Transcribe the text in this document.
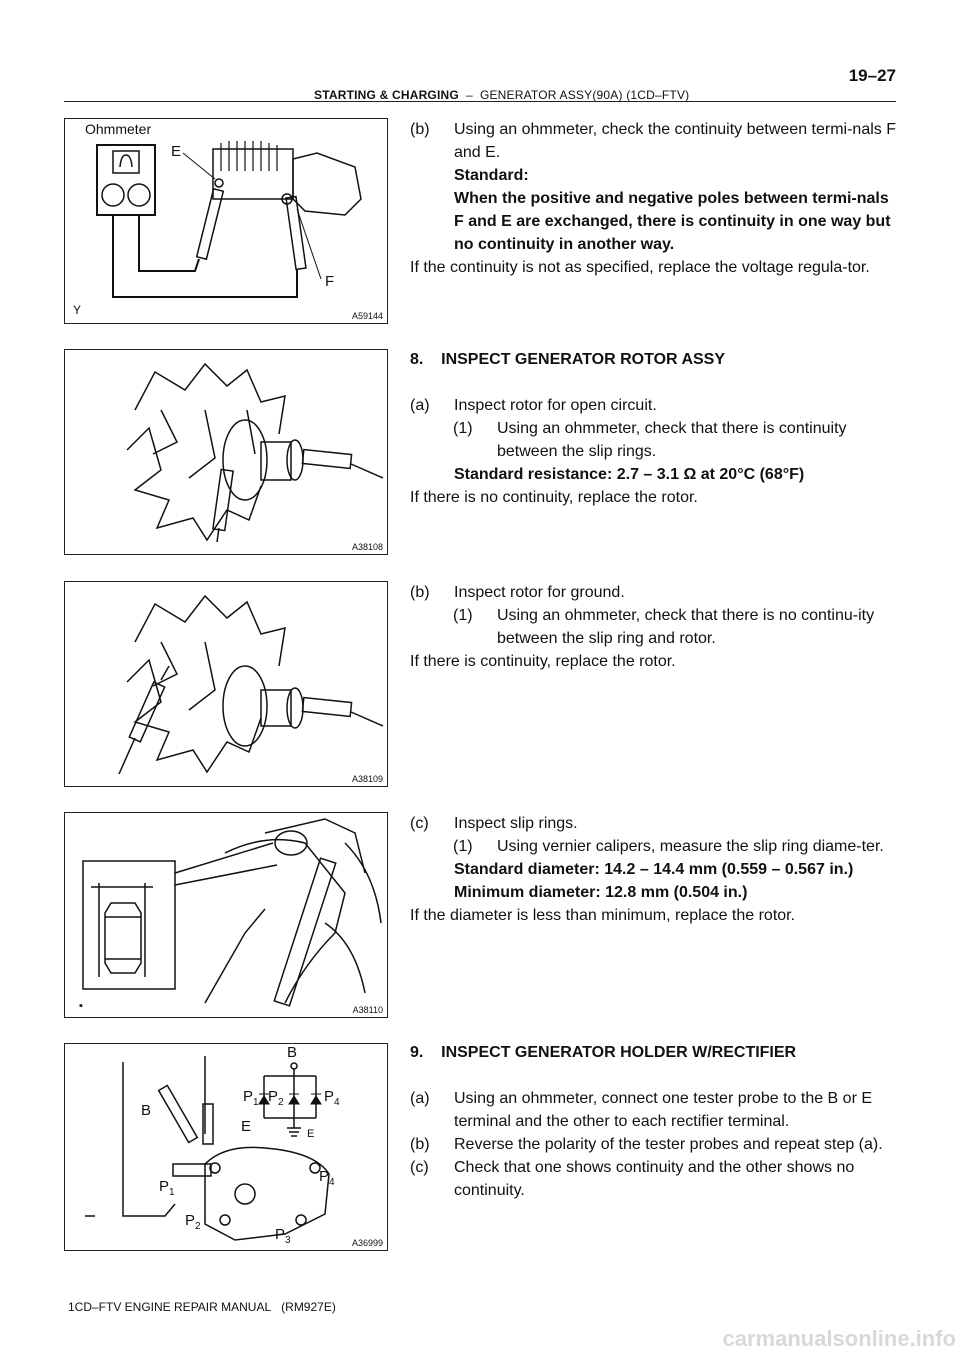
STARTING & CHARGING – GENERATOR ASSY(90A) (1CD–FTV)
19–27
Ohmmeter
E
F
Y	A59144
A38108
A38109
▪	A38110
B
$P_1$ $P_2$	$P_4$
E
B
E
$P_1$
$P_2$	$P_3$
$P_4$
A36999

(b) Using an ohmmeter, check the continuity between termi-nals F and E.

Standard:

When the positive and negative poles between termi-nals F and E are exchanged, there is continuity in one way but no continuity in another way.

If the continuity is not as specified, replace the voltage regula-tor.

8.    INSPECT GENERATOR ROTOR ASSY

(a) Inspect rotor for open circuit.

(1) Using an ohmmeter, check that there is continuity between the slip rings.

Standard resistance: 2.7 – 3.1 Ω at 20°C (68°F)

If there is no continuity, replace the rotor.

(b) Inspect rotor for ground.

(1) Using an ohmmeter, check that there is no continu-ity between the slip ring and rotor.

If there is continuity, replace the rotor.

(c) Inspect slip rings.

(1) Using vernier calipers, measure the slip ring diame-ter.

Standard diameter: 14.2 – 14.4 mm (0.559 – 0.567 in.)

Minimum diameter: 12.8 mm (0.504 in.)

If the diameter is less than minimum, replace the rotor.

9.    INSPECT GENERATOR HOLDER W/RECTIFIER

(a) Using an ohmmeter, connect one tester probe to the B or E terminal and the other to each rectifier terminal.

(b) Reverse the polarity of the tester probes and repeat step (a).

(c) Check that one shows continuity and the other shows no continuity.

1CD–FTV ENGINE REPAIR MANUAL   (RM927E)
carmanualsonline.info
